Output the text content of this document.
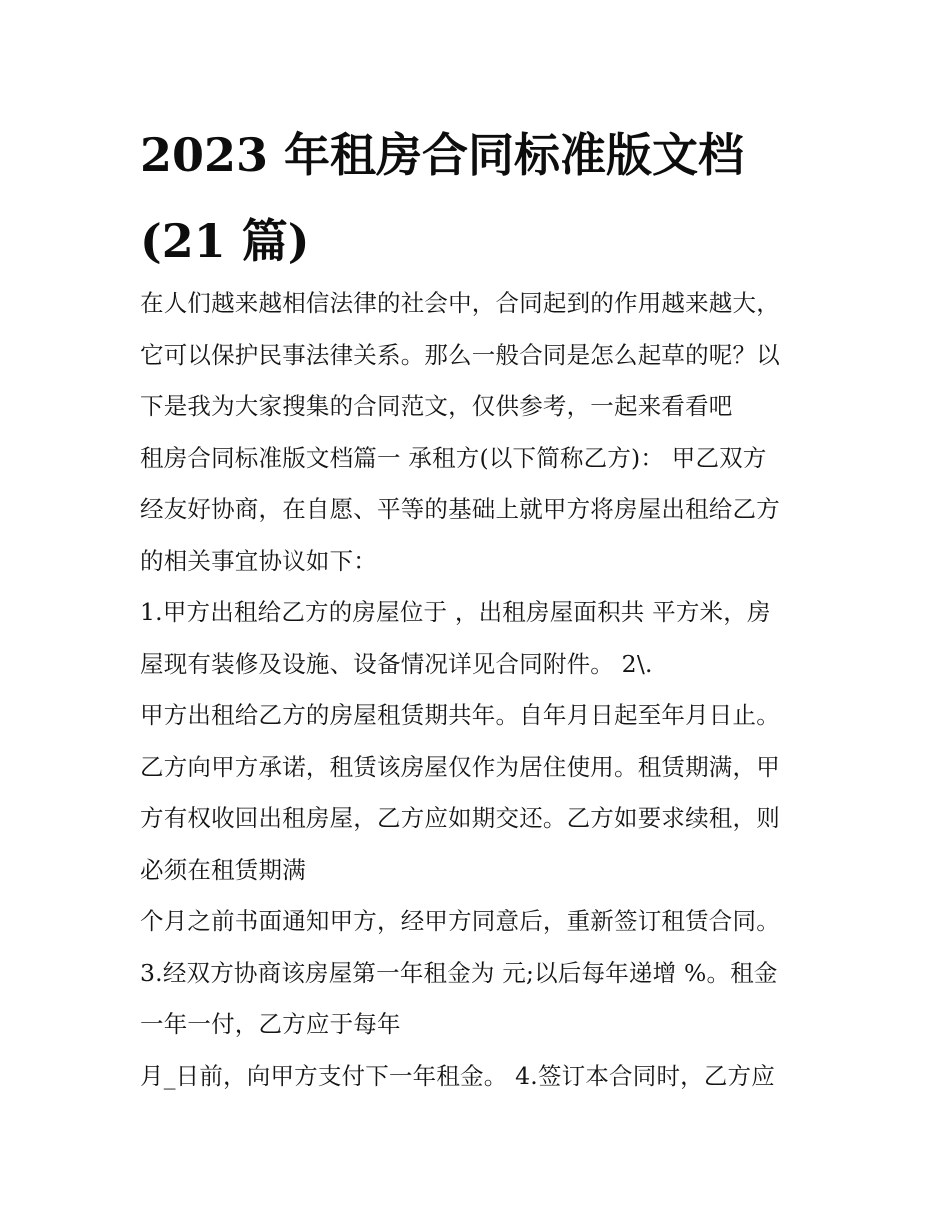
2023 年租房合同标准版文档
(21 篇)
在人们越来越相信法律的社会中，合同起到的作用越来越大，
它可以保护民事法律关系。那么一般合同是怎么起草的呢？以
下是我为大家搜集的合同范文，仅供参考，一起来看看吧
租房合同标准版文档篇一 承租方(以下简称乙方)： 甲乙双方
经友好协商，在自愿、平等的基础上就甲方将房屋出租给乙方
的相关事宜协议如下：
1.甲方出租给乙方的房屋位于 ，出租房屋面积共 平方米，房
屋现有装修及设施、设备情况详见合同附件。 2\.
甲方出租给乙方的房屋租赁期共年。自年月日起至年月日止。
乙方向甲方承诺，租赁该房屋仅作为居住使用。租赁期满，甲
方有权收回出租房屋，乙方应如期交还。乙方如要求续租，则
必须在租赁期满
个月之前书面通知甲方，经甲方同意后，重新签订租赁合同。
3.经双方协商该房屋第一年租金为 元;以后每年递增 %。租金
一年一付，乙方应于每年
月_日前，向甲方支付下一年租金。 4.签订本合同时，乙方应
